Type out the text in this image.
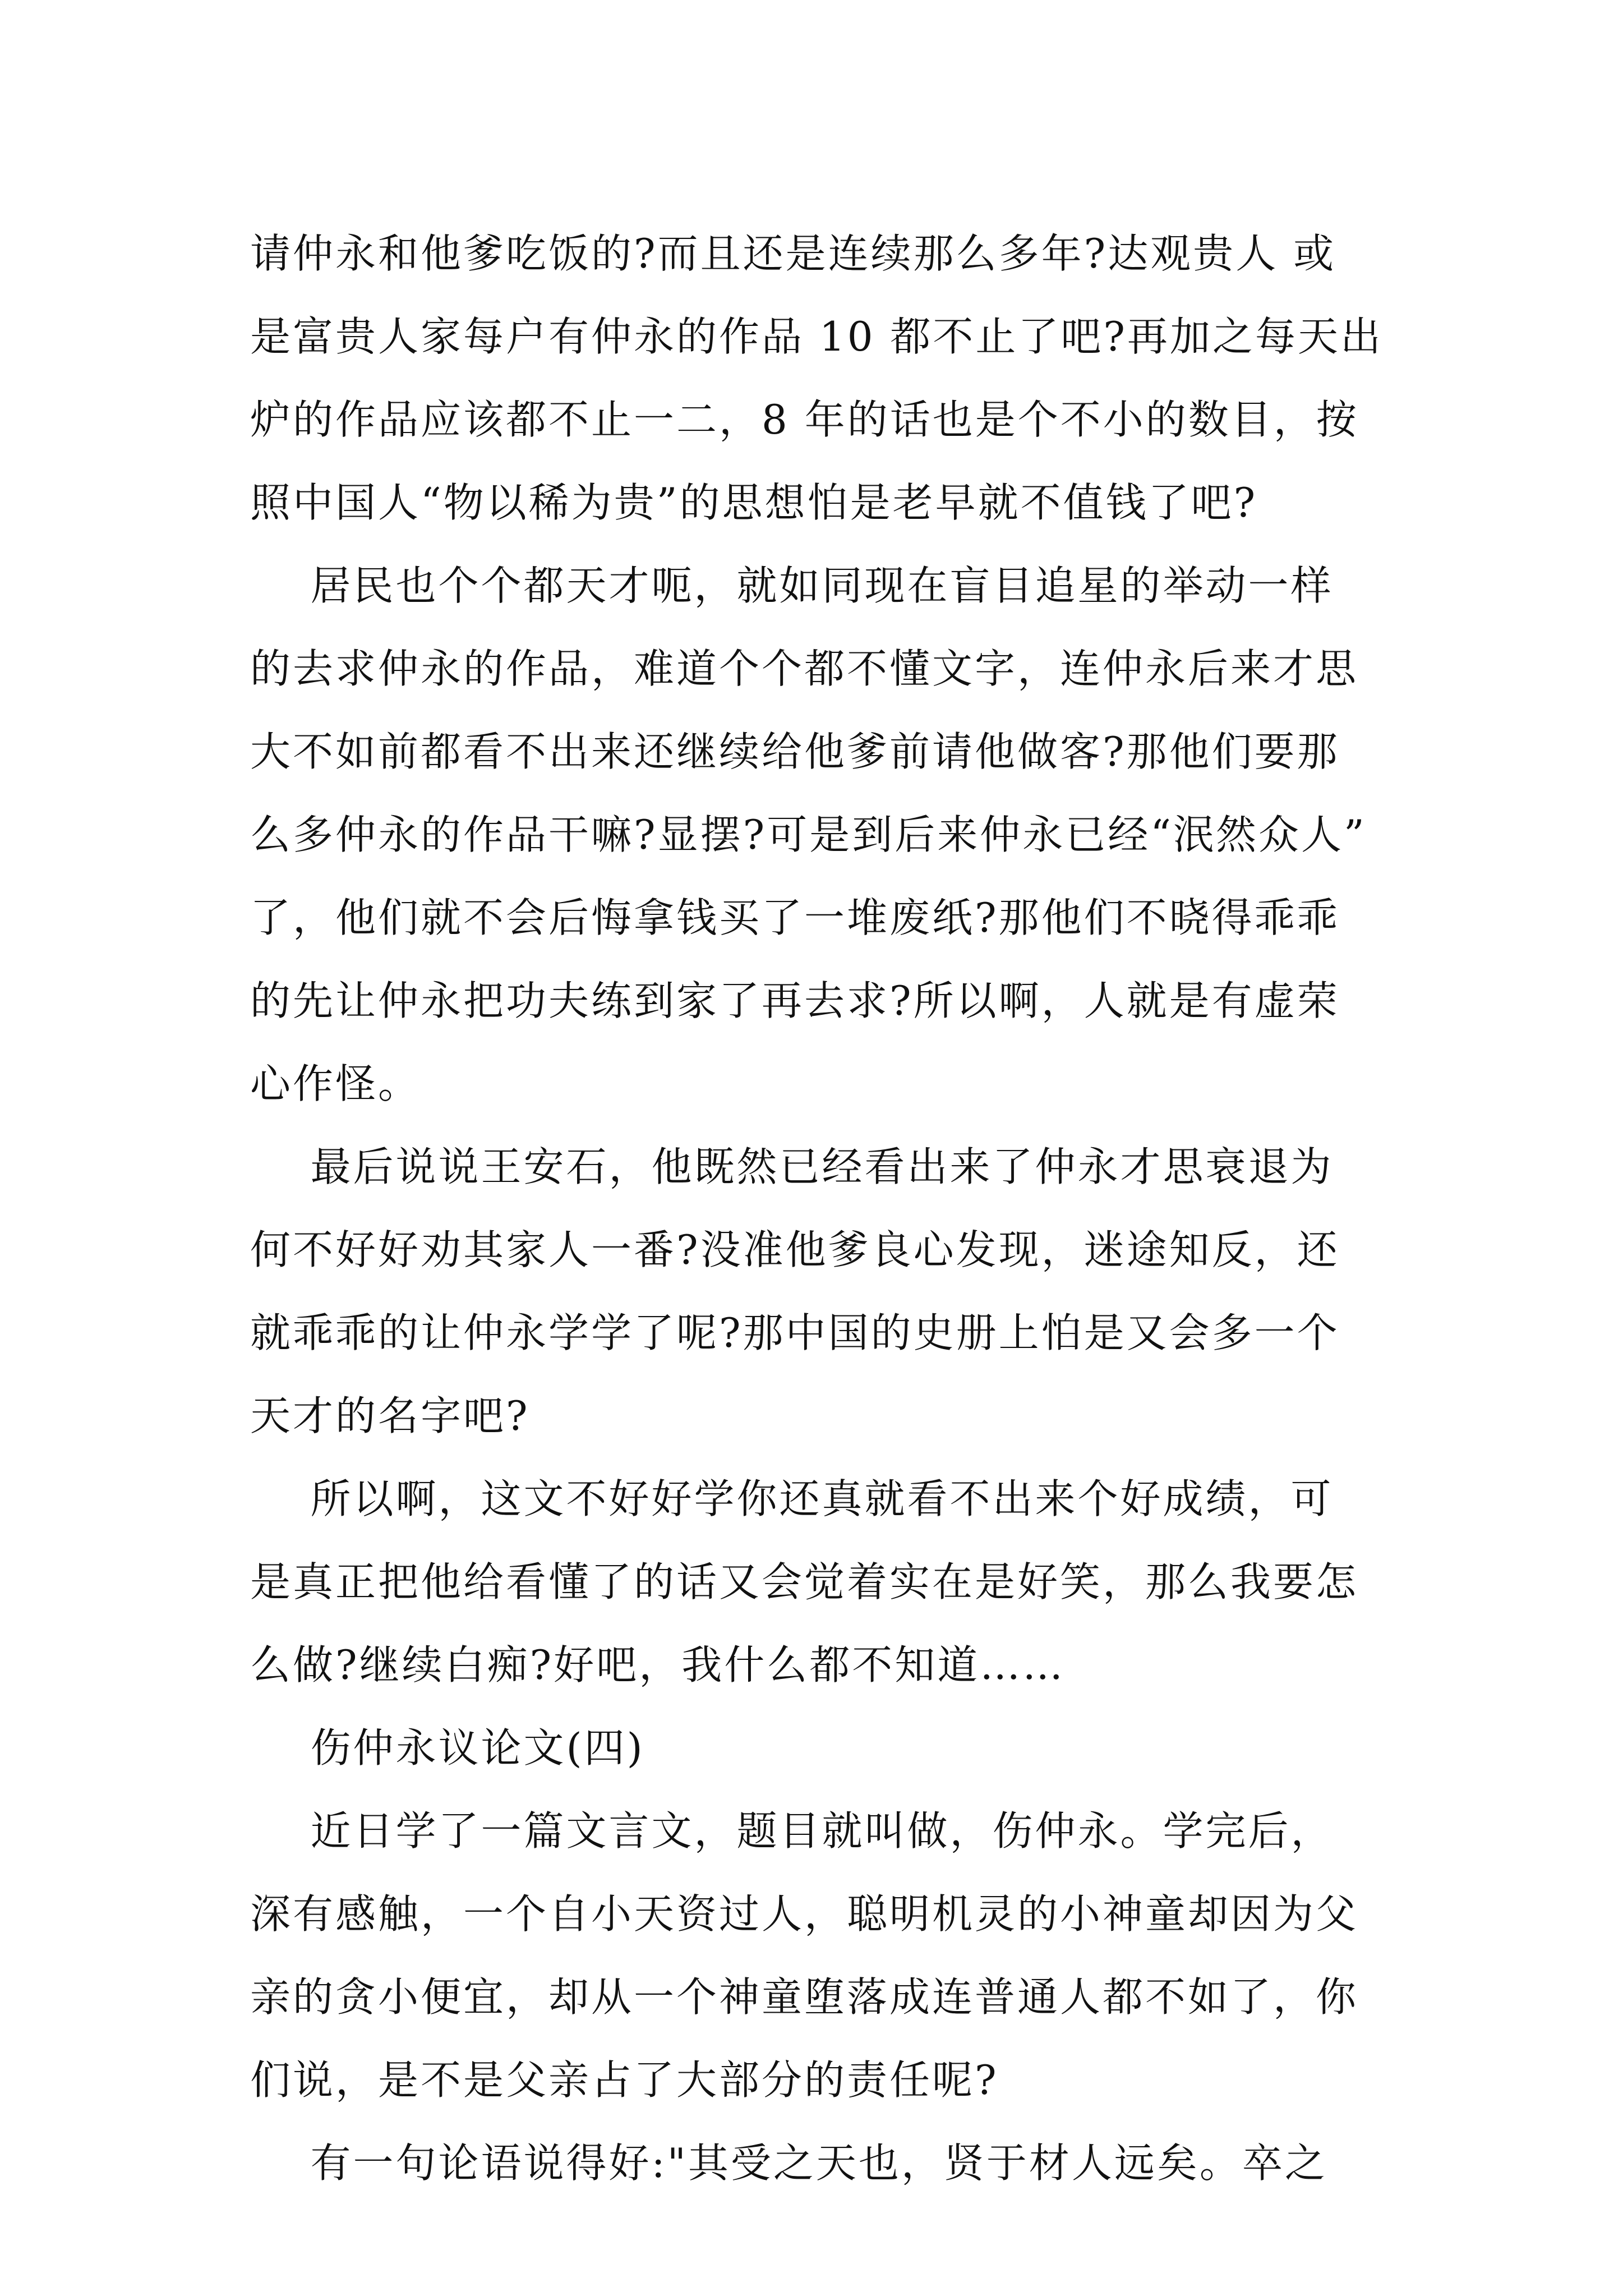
请仲永和他爹吃饭的?而且还是连续那么多年?达观贵人 或
是富贵人家每户有仲永的作品 10 都不止了吧?再加之每天出
炉的作品应该都不止一二，8 年的话也是个不小的数目，按
照中国人“物以稀为贵”的思想怕是老早就不值钱了吧?
居民也个个都天才呃，就如同现在盲目追星的举动一样
的去求仲永的作品，难道个个都不懂文字，连仲永后来才思
大不如前都看不出来还继续给他爹前请他做客?那他们要那
么多仲永的作品干嘛?显摆?可是到后来仲永已经“泯然众人”
了，他们就不会后悔拿钱买了一堆废纸?那他们不晓得乖乖
的先让仲永把功夫练到家了再去求?所以啊，人就是有虚荣
心作怪。
最后说说王安石，他既然已经看出来了仲永才思衰退为
何不好好劝其家人一番?没准他爹良心发现，迷途知反，还
就乖乖的让仲永学学了呢?那中国的史册上怕是又会多一个
天才的名字吧?
所以啊，这文不好好学你还真就看不出来个好成绩，可
是真正把他给看懂了的话又会觉着实在是好笑，那么我要怎
么做?继续白痴?好吧，我什么都不知道……
伤仲永议论文(四)
近日学了一篇文言文，题目就叫做，伤仲永。学完后，
深有感触，一个自小天资过人，聪明机灵的小神童却因为父
亲的贪小便宜，却从一个神童堕落成连普通人都不如了，你
们说，是不是父亲占了大部分的责任呢?
有一句论语说得好:"其受之天也，贤于材人远矣。卒之
